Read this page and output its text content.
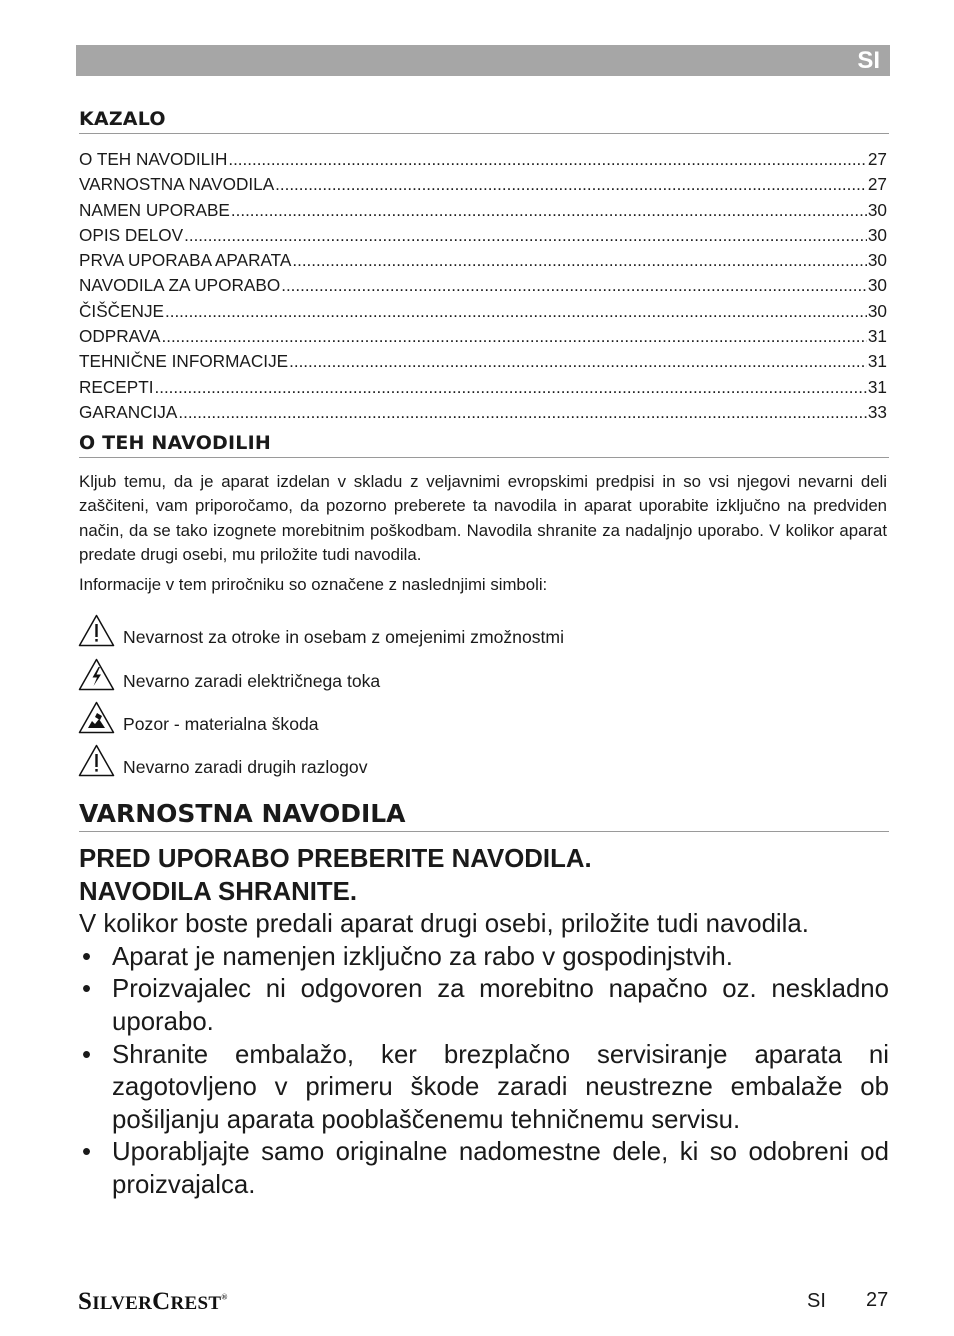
SI
KAZALO
O TEH NAVODILIH .....	27
VARNOSTNA NAVODILA .....	27
NAMEN UPORABE .....	30
OPIS DELOV .....	30
PRVA UPORABA APARATA .....	30
NAVODILA ZA UPORABO .....	30
ČIŠČENJE .....	30
ODPRAVA .....	31
TEHNIČNE INFORMACIJE .....	31
RECEPTI .....	31
GARANCIJA .....	33
O TEH NAVODILIH

Kljub temu, da je aparat izdelan v skladu z veljavnimi evropskimi predpisi in so vsi njegovi nevarni deli zaščiteni, vam priporočamo, da pozorno preberete ta navodila in aparat uporabite izključno na predviden način, da se tako izognete morebitnim poškodbam. Navodila shranite za nadaljnjo uporabo. V kolikor aparat predate drugi osebi, mu priložite tudi navodila.

Informacije v tem priročniku so označene z naslednjimi simboli:

Nevarnost za otroke in osebam z omejenimi zmožnostmi
Nevarno zaradi električnega toka
Pozor - materialna škoda
Nevarno zaradi drugih razlogov
VARNOSTNA NAVODILA
PRED UPORABO PREBERITE NAVODILA.
NAVODILA SHRANITE.
V kolikor boste predali aparat drugi osebi, priložite tudi navodila.
• Aparat je namenjen izključno za rabo v gospodinjstvih.
• Proizvajalec ni odgovoren za morebitno napačno oz. neskladno uporabo.
• Shranite embalažo, ker brezplačno servisiranje aparata ni zagotovljeno v primeru škode zaradi neustrezne embalaže ob pošiljanju aparata pooblaščenemu tehničnemu servisu.
• Uporabljajte samo originalne nadomestne dele, ki so odobreni od proizvajalca.
SILVERCREST®	SI 27
